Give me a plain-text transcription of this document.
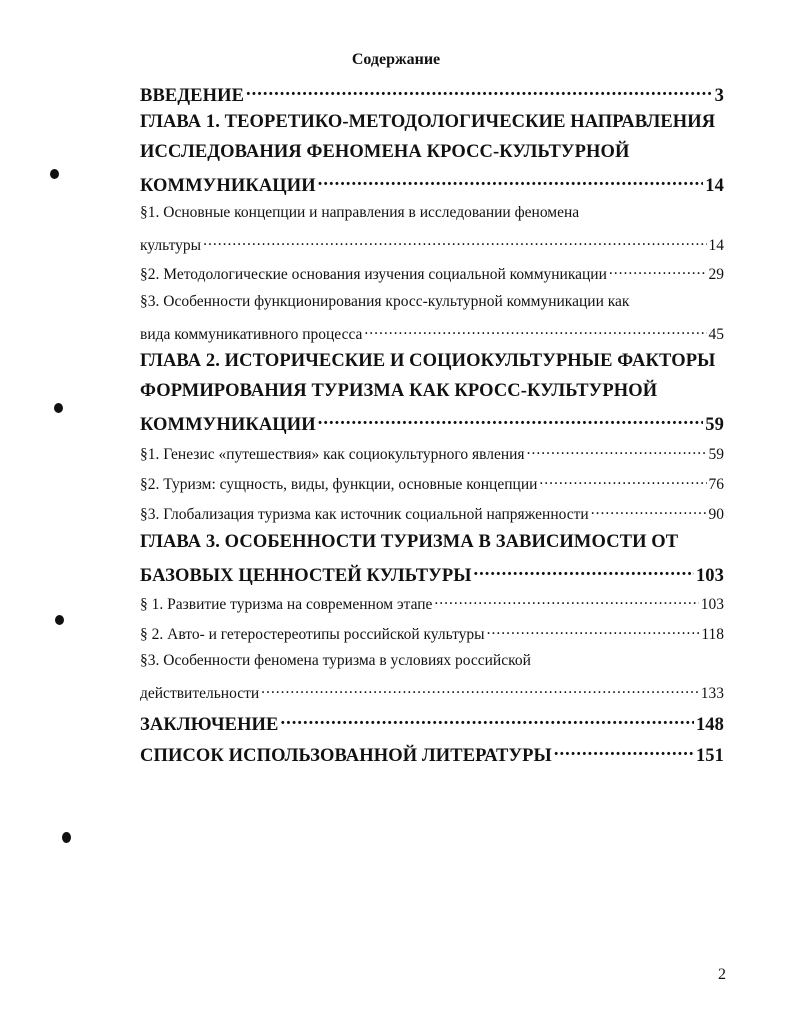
Содержание
ВВЕДЕНИЕ .....	3
ГЛАВА 1. ТЕОРЕТИКО-МЕТОДОЛОГИЧЕСКИЕ НАПРАВЛЕНИЯ
ИССЛЕДОВАНИЯ ФЕНОМЕНА КРОСС-КУЛЬТУРНОЙ
КОММУНИКАЦИИ .....	14
§1. Основные концепции и направления в исследовании феномена
культуры .....	14
§2. Методологические основания изучения социальной коммуникации .....	29
§3. Особенности функционирования кросс-культурной коммуникации как
вида коммуникативного процесса .....	45
ГЛАВА 2. ИСТОРИЧЕСКИЕ И СОЦИОКУЛЬТУРНЫЕ ФАКТОРЫ
ФОРМИРОВАНИЯ ТУРИЗМА КАК КРОСС-КУЛЬТУРНОЙ
КОММУНИКАЦИИ .....	59
§1. Генезис «путешествия» как социокультурного явления .....	59
§2. Туризм: сущность, виды, функции, основные концепции .....	76
§3. Глобализация туризма как источник социальной напряженности .....	90
ГЛАВА 3. ОСОБЕННОСТИ ТУРИЗМА В ЗАВИСИМОСТИ ОТ
БАЗОВЫХ ЦЕННОСТЕЙ КУЛЬТУРЫ .....	103
§ 1. Развитие туризма на современном этапе .....	103
§ 2. Авто- и гетеростереотипы российской культуры .....	118
§3. Особенности феномена туризма в условиях российской
действительности .....	133
ЗАКЛЮЧЕНИЕ .....	148
СПИСОК ИСПОЛЬЗОВАННОЙ ЛИТЕРАТУРЫ .....	151
2
